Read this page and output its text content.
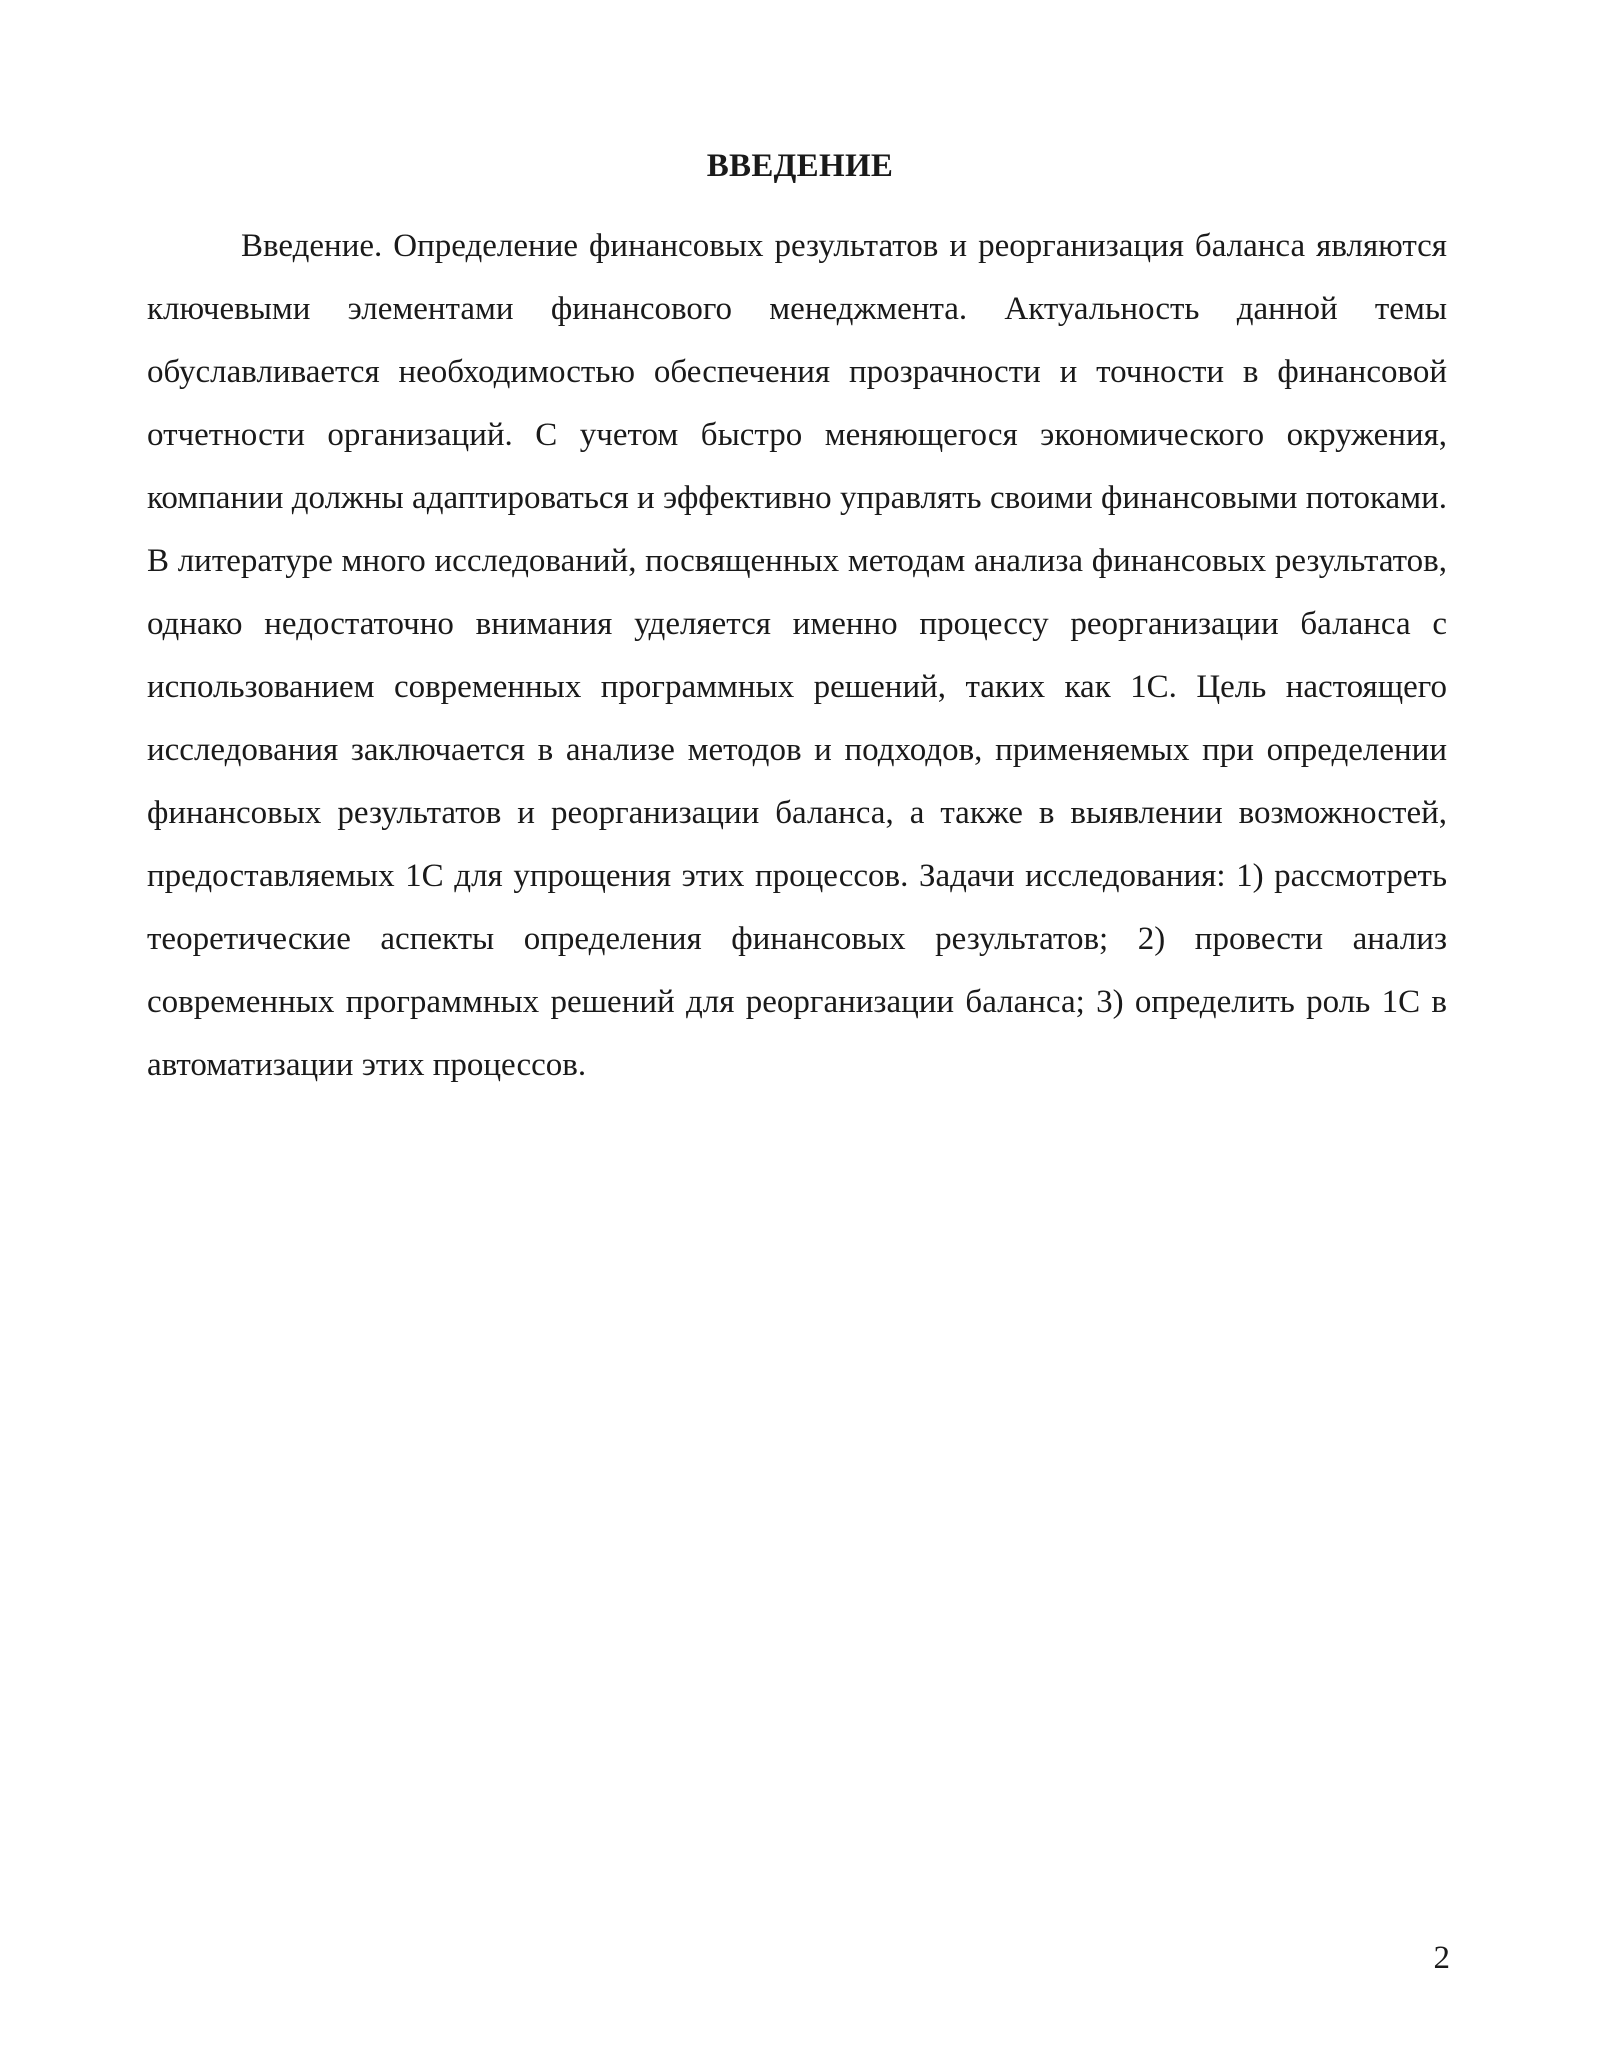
ВВЕДЕНИЕ

Введение. Определение финансовых результатов и реорганизация баланса являются ключевыми элементами финансового менеджмента. Актуальность данной темы обуславливается необходимостью обеспечения прозрачности и точности в финансовой отчетности организаций. С учетом быстро меняющегося экономического окружения, компании должны адаптироваться и эффективно управлять своими финансовыми потоками. В литературе много исследований, посвященных методам анализа финансовых результатов, однако недостаточно внимания уделяется именно процессу реорганизации баланса с использованием современных программных решений, таких как 1С. Цель настоящего исследования заключается в анализе методов и подходов, применяемых при определении финансовых результатов и реорганизации баланса, а также в выявлении возможностей, предоставляемых 1С для упрощения этих процессов. Задачи исследования: 1) рассмотреть теоретические аспекты определения финансовых результатов; 2) провести анализ современных программных решений для реорганизации баланса; 3) определить роль 1С в автоматизации этих процессов.

2
